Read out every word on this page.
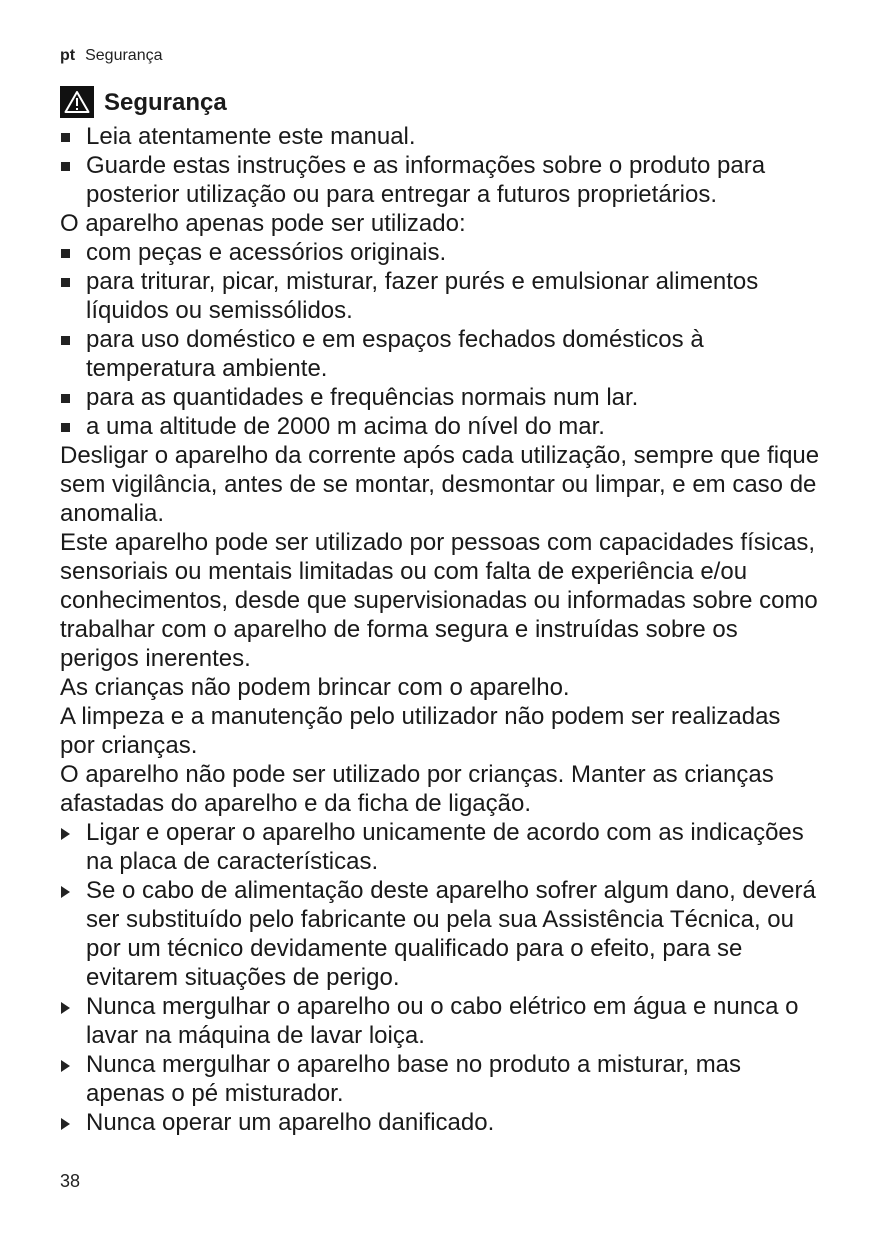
pt Segurança
Segurança
Leia atentamente este manual.
Guarde estas instruções e as informações sobre o produto para posterior utilização ou para entregar a futuros proprietários.

O aparelho apenas pode ser utilizado:

com peças e acessórios originais.
para triturar, picar, misturar, fazer purés e emulsionar alimentos líquidos ou semissólidos.
para uso doméstico e em espaços fechados domésticos à temperatura ambiente.
para as quantidades e frequências normais num lar.
a uma altitude de 2000 m acima do nível do mar.

Desligar o aparelho da corrente após cada utilização, sempre que fique sem vigilância, antes de se montar, desmontar ou limpar, e em caso de anomalia.

Este aparelho pode ser utilizado por pessoas com capacidades físicas, sensoriais ou mentais limitadas ou com falta de experiência e/ou conhecimentos, desde que supervisionadas ou informadas sobre como trabalhar com o aparelho de forma segura e instruídas sobre os perigos inerentes.

As crianças não podem brincar com o aparelho.

A limpeza e a manutenção pelo utilizador não podem ser realizadas por crianças.

O aparelho não pode ser utilizado por crianças. Manter as crianças afastadas do aparelho e da ficha de ligação.

Ligar e operar o aparelho unicamente de acordo com as indicações na placa de características.
Se o cabo de alimentação deste aparelho sofrer algum dano, deverá ser substituído pelo fabricante ou pela sua Assistência Técnica, ou por um técnico devidamente qualificado para o efeito, para se evitarem situações de perigo.
Nunca mergulhar o aparelho ou o cabo elétrico em água e nunca o lavar na máquina de lavar loiça.
Nunca mergulhar o aparelho base no produto a misturar, mas apenas o pé misturador.
Nunca operar um aparelho danificado.
38
